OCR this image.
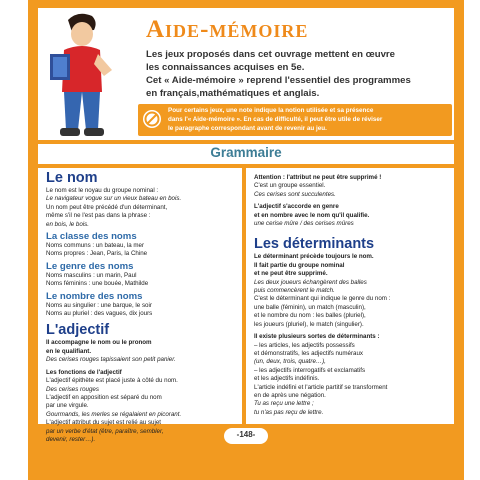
Aide-mémoire
Les jeux proposés dans cet ouvrage mettent en œuvre
les connaissances acquises en 5e.
Cet « Aide-mémoire » reprend l'essentiel des programmes
en français,mathématiques et anglais.
Pour certains jeux, une note indique la notion utilisée et sa présence
dans l'« Aide-mémoire ». En cas de difficulté, il peut être utile de réviser
le paragraphe correspondant avant de revenir au jeu.
Grammaire
Le nom
Le nom est le noyau du groupe nominal :
Le navigateur vogue sur un vieux bateau en bois.
Un nom peut être précédé d'un déterminant,
même s'il ne l'est pas dans la phrase :
en bois, le bois.
La classe des noms
Noms communs : un bateau, la mer
Noms propres : Jean, Paris, la Chine
Le genre des noms
Noms masculins : un marin, Paul
Noms féminins : une bouée, Mathilde
Le nombre des noms
Noms au singulier : une barque, le soir
Noms au pluriel : des vagues, dix jours
L'adjectif
Il accompagne le nom ou le pronom
en le qualifiant.
Des cerises rouges tapissaient son petit panier.
Les fonctions de l'adjectif
L'adjectif épithète est placé juste à côté du nom.
Des cerises rouges
L'adjectif en apposition est séparé du nom
par une virgule.
Gourmands, les merles se régalaient en picorant.
L'adjectif attribut du sujet est relié au sujet
par un verbe d'état (être, paraître, sembler,
devenir, rester…).
Attention : l'attribut ne peut être supprimé !
C'est un groupe essentiel.
Ces cerises sont succulentes.
L'adjectif s'accorde en genre
et en nombre avec le nom qu'il qualifie.
une cerise mûre / des cerises mûres
Les déterminants
Le déterminant précède toujours le nom.
Il fait partie du groupe nominal
et ne peut être supprimé.
Les deux joueurs échangèrent des balles
puis commencèrent le match.
C'est le déterminant qui indique le genre du nom :
une balle (féminin), un match (masculin),
et le nombre du nom : les balles (pluriel),
les joueurs (pluriel), le match (singulier).
Il existe plusieurs sortes de déterminants :
– les articles, les adjectifs possessifs
et démonstratifs, les adjectifs numéraux
(un, deux, trois, quatre…),
– les adjectifs interrogatifs et exclamatifs
et les adjectifs indéfinis.
L'article indéfini et l'article partitif se transforment
en de après une négation.
Tu as reçu une lettre ;
tu n'as pas reçu de lettre.
-148-
